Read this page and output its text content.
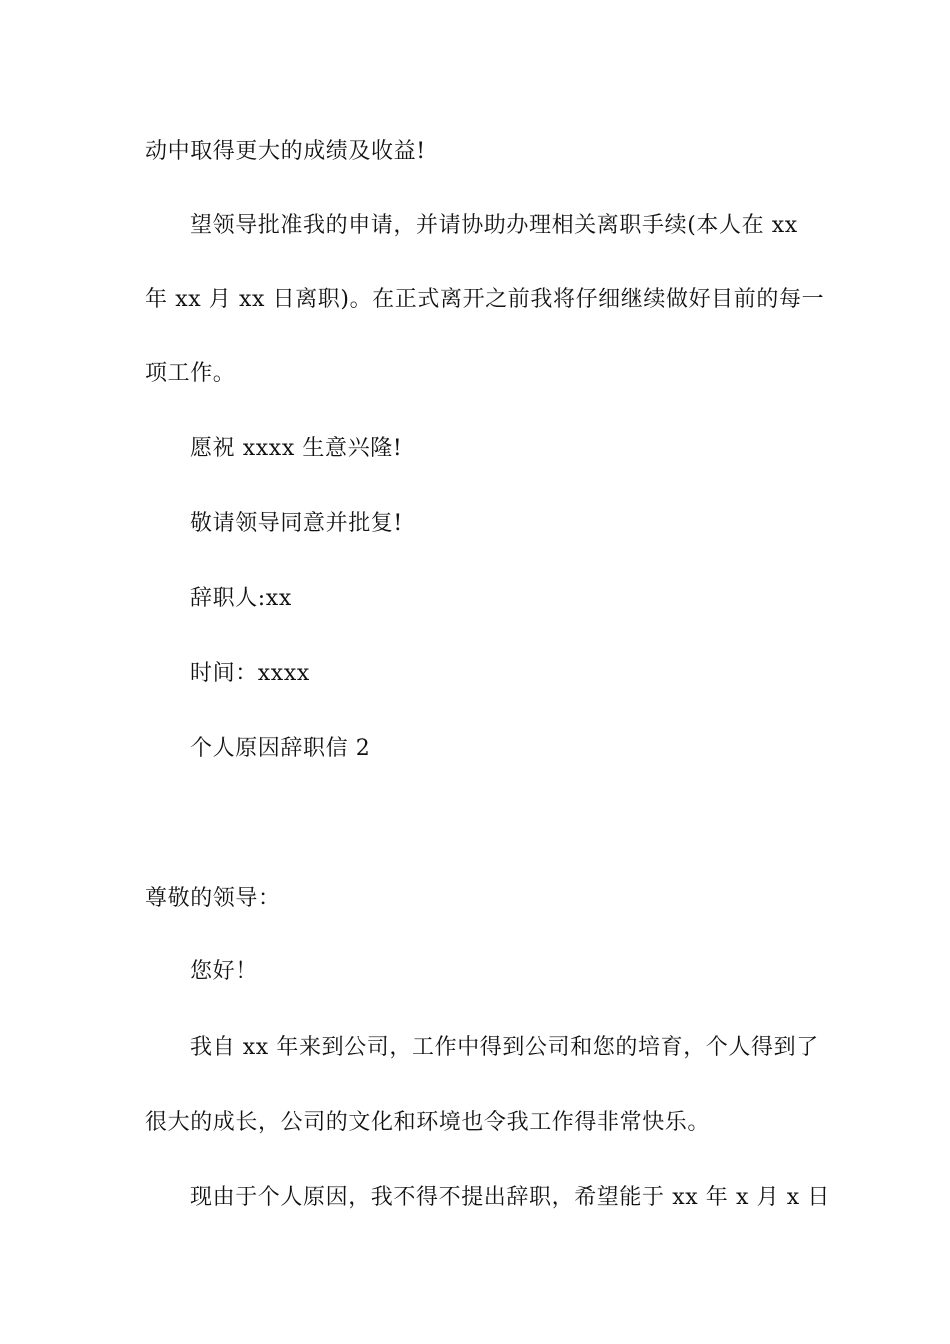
动中取得更大的成绩及收益!
望领导批准我的申请，并请协助办理相关离职手续(本人在 xx
年 xx 月 xx 日离职)。在正式离开之前我将仔细继续做好目前的每一
项工作。
愿祝 xxxx 生意兴隆!
敬请领导同意并批复!
辞职人:xx
时间：xxxx
个人原因辞职信 2
尊敬的领导：
您好！
我自 xx 年来到公司，工作中得到公司和您的培育，个人得到了
很大的成长，公司的文化和环境也令我工作得非常快乐。
现由于个人原因，我不得不提出辞职，希望能于 xx 年 x 月 x 日
